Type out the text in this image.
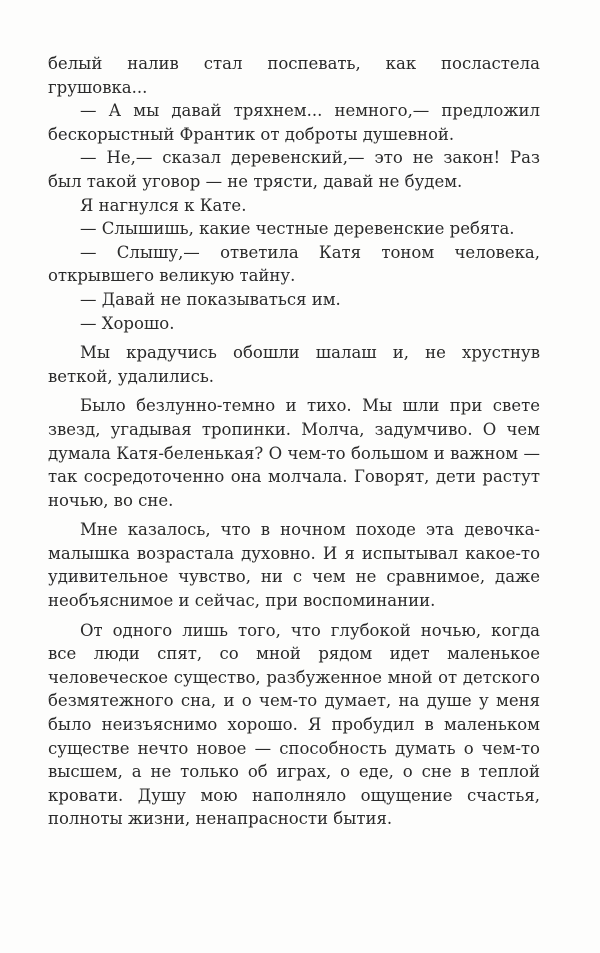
белый налив стал поспевать, как посластела грушовка...

— А мы давай тряхнем... немного,— предложил бескорыстный Франтик от доброты душевной.

— Не,— сказал деревенский,— это не закон! Раз был такой уговор — не трясти, давай не будем.

Я нагнулся к Кате.

— Слышишь, какие честные деревенские ребята.

— Слышу,— ответила Катя тоном человека, открывшего великую тайну.

— Давай не показываться им.

— Хорошо.

Мы крадучись обошли шалаш и, не хрустнув веткой, удалились.

Было безлунно-темно и тихо. Мы шли при свете звезд, угадывая тропинки. Молча, задумчиво. О чем думала Катя-беленькая? О чем-то большом и важном — так сосредоточенно она молчала. Говорят, дети растут ночью, во сне.

Мне казалось, что в ночном походе эта девочка-малышка возрастала духовно. И я испытывал какое-то удивительное чувство, ни с чем не сравнимое, даже необъяснимое и сейчас, при воспоминании.

От одного лишь того, что глубокой ночью, когда все люди спят, со мной рядом идет маленькое человеческое существо, разбуженное мной от детского безмятежного сна, и о чем-то думает, на душе у меня было неизъяснимо хорошо. Я пробудил в маленьком существе нечто новое — способность думать о чем-то высшем, а не только об играх, о еде, о сне в теплой кровати. Душу мою наполняло ощущение счастья, полноты жизни, ненапрасности бытия.
